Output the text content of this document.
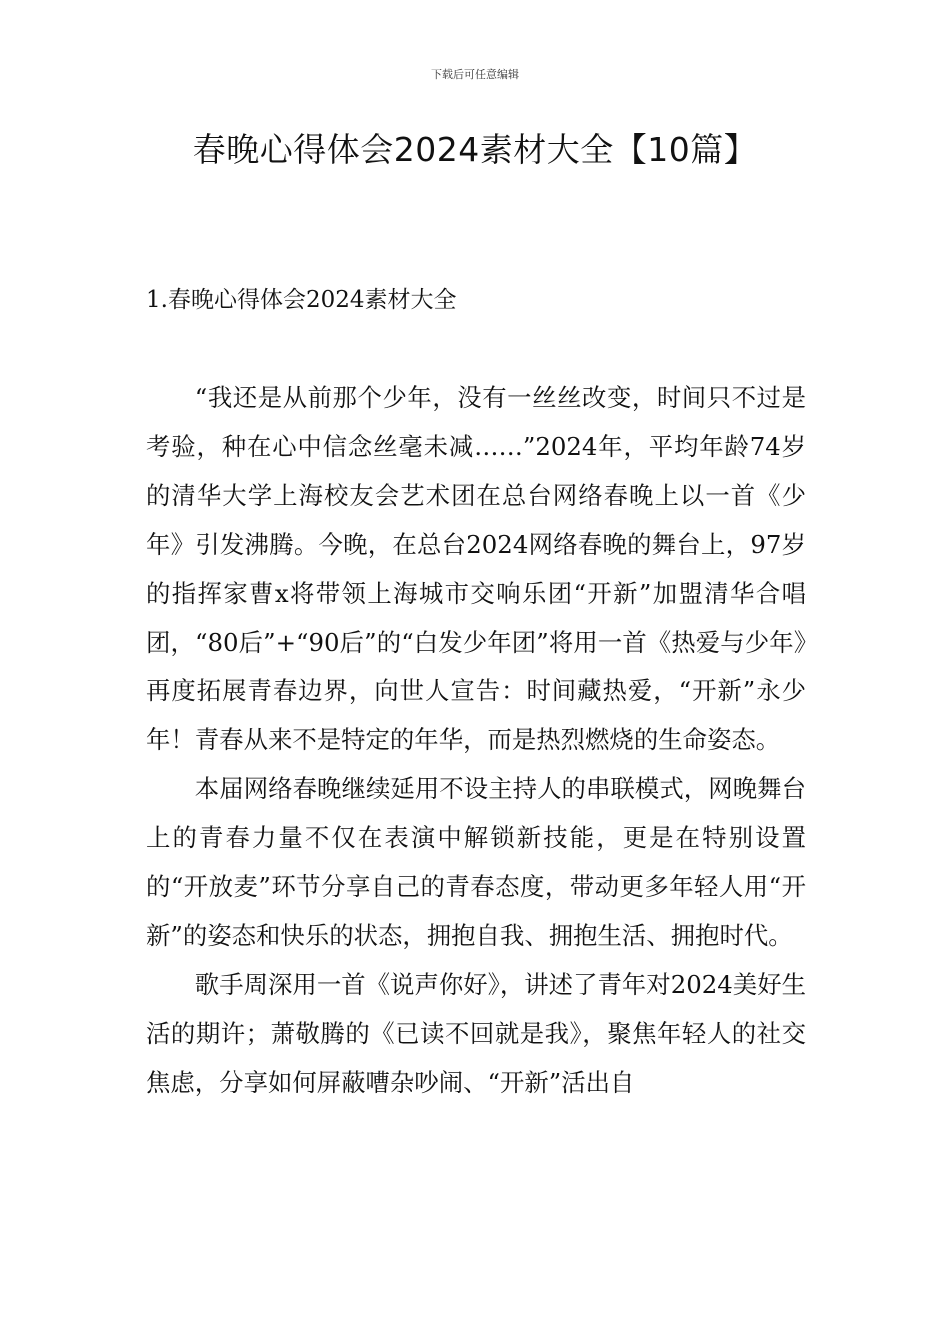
下载后可任意编辑
春晚心得体会2024素材大全【10篇】
1.春晚心得体会2024素材大全

“我还是从前那个少年，没有一丝丝改变，时间只不过是考验，种在心中信念丝毫未减……”2024年，平均年龄74岁的清华大学上海校友会艺术团在总台网络春晚上以一首《少年》引发沸腾。今晚，在总台2024网络春晚的舞台上，97岁的指挥家曹x将带领上海城市交响乐团“开新”加盟清华合唱团，“80后”+“90后”的“白发少年团”将用一首《热爱与少年》再度拓展青春边界，向世人宣告：时间藏热爱，“开新”永少年！青春从来不是特定的年华，而是热烈燃烧的生命姿态。

本届网络春晚继续延用不设主持人的串联模式，网晚舞台上的青春力量不仅在表演中解锁新技能，更是在特别设置的“开放麦”环节分享自己的青春态度，带动更多年轻人用“开新”的姿态和快乐的状态，拥抱自我、拥抱生活、拥抱时代。

歌手周深用一首《说声你好》，讲述了青年对2024美好生活的期许；萧敬腾的《已读不回就是我》，聚焦年轻人的社交焦虑，分享如何屏蔽嘈杂吵闹、“开新”活出自
